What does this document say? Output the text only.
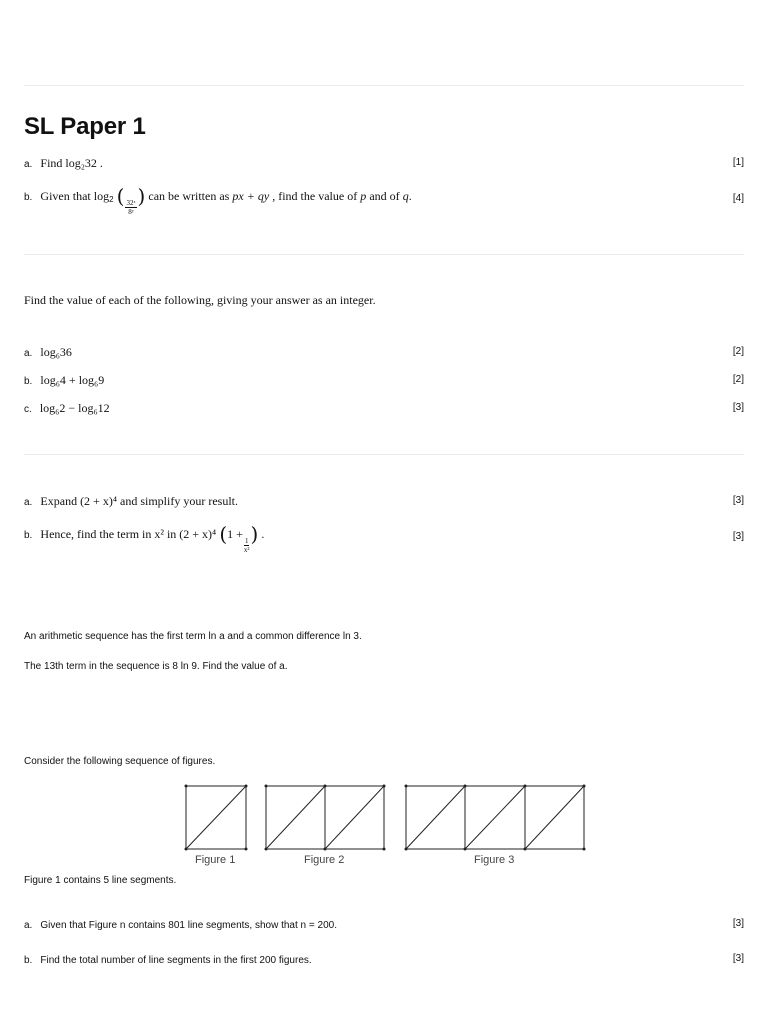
SL Paper 1
a. Find log₂32 .	[1]
b. Given that $\log_2$ ( $\frac{\text{32ˣ}}{\text{8ʸ}}$ ) can be written as px + qy , find the value of p and of q.	[4]
Find the value of each of the following, giving your answer as an integer.
a. log₆36	[2]
b. log₆4 + log₆9	[2]
c. log₆2 − log₆12	[3]
a. Expand (2 + x)⁴ and simplify your result.	[3]
b. Hence, find the term in x² in (2 + x)⁴ (1 +
$\frac{1}{\text{x²}}$ ) .	[3]
An arithmetic sequence has the first term ln a and a common difference ln 3.
The 13th term in the sequence is 8 ln 9. Find the value of a.
Consider the following sequence of figures.
Figure 1	Figure 2	Figure 3
Figure 1 contains 5 line segments.
a. Given that Figure n contains 801 line segments, show that n = 200.	[3]
b. Find the total number of line segments in the first 200 figures.	[3]
